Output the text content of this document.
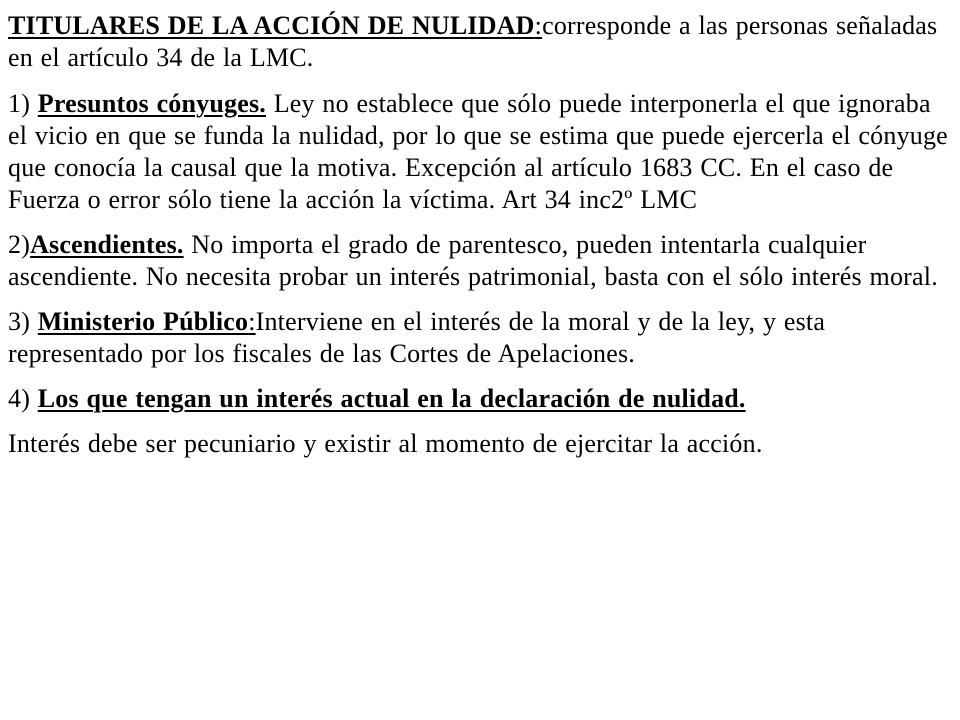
TITULARES DE LA ACCIÓN DE NULIDAD:corresponde a las personas señaladas en el artículo 34 de la LMC.

1) Presuntos cónyuges. Ley no establece que sólo puede interponerla el que ignoraba el vicio en que se funda la nulidad, por lo que se estima que puede ejercerla el cónyuge que conocía la causal que la motiva. Excepción al artículo 1683 CC. En el caso de Fuerza o error sólo tiene la acción la víctima. Art 34 inc2º LMC

2)Ascendientes. No importa el grado de parentesco, pueden intentarla cualquier ascendiente. No necesita probar un interés patrimonial, basta con el sólo interés moral.

3) Ministerio Público:Interviene en el interés de la moral y de la ley, y esta representado por los fiscales de las Cortes de Apelaciones.

4) Los que tengan un interés actual en la declaración de nulidad.

Interés debe ser pecuniario y existir al momento de ejercitar la acción.
